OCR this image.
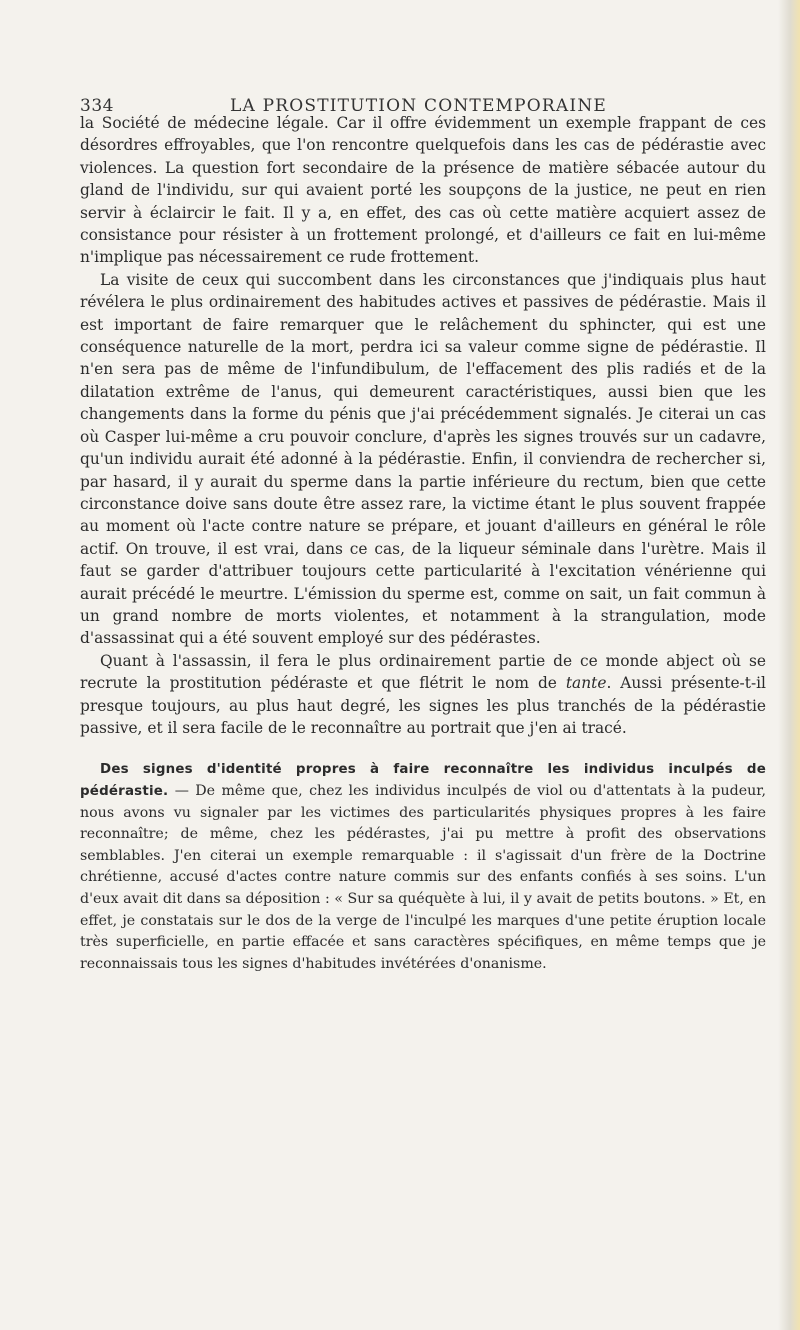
334	LA PROSTITUTION CONTEMPORAINE

la Société de médecine légale. Car il offre évidemment un exemple frappant de ces désordres effroyables, que l'on rencontre quelquefois dans les cas de pédérastie avec violences. La question fort secondaire de la présence de matière sébacée autour du gland de l'individu, sur qui avaient porté les soupçons de la justice, ne peut en rien servir à éclaircir le fait. Il y a, en effet, des cas où cette matière acquiert assez de consistance pour résister à un frottement prolongé, et d'ailleurs ce fait en lui-même n'implique pas nécessairement ce rude frottement.

La visite de ceux qui succombent dans les circonstances que j'indiquais plus haut révélera le plus ordinairement des habitudes actives et passives de pédérastie. Mais il est important de faire remarquer que le relâchement du sphincter, qui est une conséquence naturelle de la mort, perdra ici sa valeur comme signe de pédérastie. Il n'en sera pas de même de l'infundibulum, de l'effacement des plis radiés et de la dilatation extrême de l'anus, qui demeurent caractéristiques, aussi bien que les changements dans la forme du pénis que j'ai précédemment signalés. Je citerai un cas où Casper lui-même a cru pouvoir conclure, d'après les signes trouvés sur un cadavre, qu'un individu aurait été adonné à la pédérastie. Enfin, il conviendra de rechercher si, par hasard, il y aurait du sperme dans la partie inférieure du rectum, bien que cette circonstance doive sans doute être assez rare, la victime étant le plus souvent frappée au moment où l'acte contre nature se prépare, et jouant d'ailleurs en général le rôle actif. On trouve, il est vrai, dans ce cas, de la liqueur séminale dans l'urètre. Mais il faut se garder d'attribuer toujours cette particularité à l'excitation vénérienne qui aurait précédé le meurtre. L'émission du sperme est, comme on sait, un fait commun à un grand nombre de morts violentes, et notamment à la strangulation, mode d'assassinat qui a été souvent employé sur des pédérastes.

Quant à l'assassin, il fera le plus ordinairement partie de ce monde abject où se recrute la prostitution pédéraste et que flétrit le nom de tante. Aussi présente-t-il presque toujours, au plus haut degré, les signes les plus tranchés de la pédérastie passive, et il sera facile de le reconnaître au portrait que j'en ai tracé.

Des signes d'identité propres à faire reconnaître les individus inculpés de pédérastie. — De même que, chez les individus inculpés de viol ou d'attentats à la pudeur, nous avons vu signaler par les victimes des particularités physiques propres à les faire reconnaître; de même, chez les pédérastes, j'ai pu mettre à profit des observations semblables. J'en citerai un exemple remarquable : il s'agissait d'un frère de la Doctrine chrétienne, accusé d'actes contre nature commis sur des enfants confiés à ses soins. L'un d'eux avait dit dans sa déposition : « Sur sa quéquète à lui, il y avait de petits boutons. » Et, en effet, je constatais sur le dos de la verge de l'inculpé les marques d'une petite éruption locale très superficielle, en partie effacée et sans caractères spécifiques, en même temps que je reconnaissais tous les signes d'habitudes invétérées d'onanisme.
